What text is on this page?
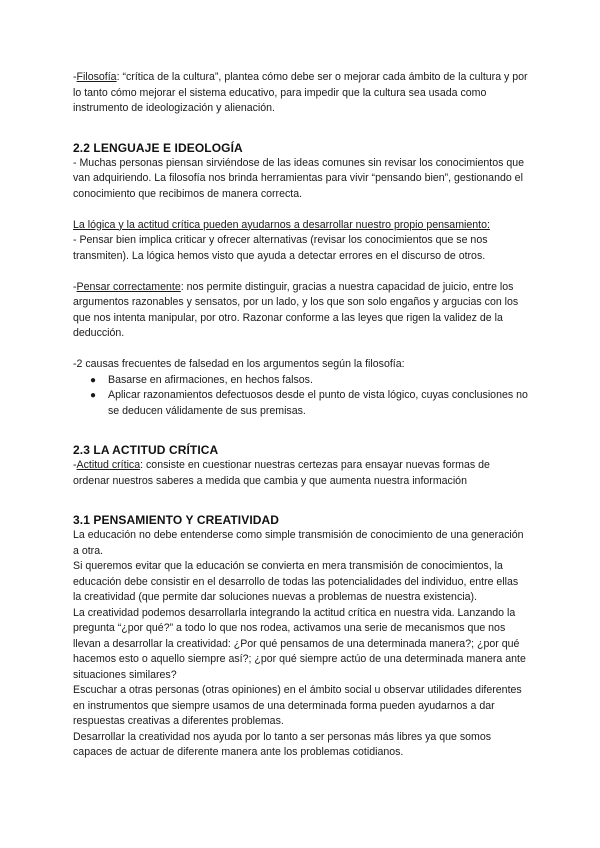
-Filosofía: “crítica de la cultura”, plantea cómo debe ser o mejorar cada ámbito de la cultura y por lo tanto cómo mejorar el sistema educativo, para impedir que la cultura sea usada como instrumento de ideologización y alienación.

2.2 LENGUAJE E IDEOLOGÍA

- Muchas personas piensan sirviéndose de las ideas comunes sin revisar los conocimientos que van adquiriendo. La filosofía nos brinda herramientas para vivir “pensando bien”, gestionando el conocimiento que recibimos de manera correcta.

La lógica y la actitud crítica pueden ayudarnos a desarrollar nuestro propio pensamiento:

- Pensar bien implica criticar y ofrecer alternativas (revisar los conocimientos que se nos transmiten). La lógica hemos visto que ayuda a detectar errores en el discurso de otros.

-Pensar correctamente: nos permite distinguir, gracias a nuestra capacidad de juicio, entre los argumentos razonables y sensatos, por un lado, y los que son solo engaños y argucias con los que nos intenta manipular, por otro. Razonar conforme a las leyes que rigen la validez de la deducción.

-2 causas frecuentes de falsedad en los argumentos según la filosofía:

● Basarse en afirmaciones, en hechos falsos.
● Aplicar razonamientos defectuosos desde el punto de vista lógico, cuyas conclusiones no se deducen válidamente de sus premisas.
2.3 LA ACTITUD CRÍTICA

-Actitud crítica: consiste en cuestionar nuestras certezas para ensayar nuevas formas de ordenar nuestros saberes a medida que cambia y que aumenta nuestra información

3.1 PENSAMIENTO Y CREATIVIDAD

La educación no debe entenderse como simple transmisión de conocimiento de una generación a otra.

Si queremos evitar que la educación se convierta en mera transmisión de conocimientos, la educación debe consistir en el desarrollo de todas las potencialidades del individuo, entre ellas la creatividad (que permite dar soluciones nuevas a problemas de nuestra existencia).

La creatividad podemos desarrollarla integrando la actitud crítica en nuestra vida. Lanzando la pregunta “¿por qué?” a todo lo que nos rodea, activamos una serie de mecanismos que nos llevan a desarrollar la creatividad: ¿Por qué pensamos de una determinada manera?; ¿por qué hacemos esto o aquello siempre así?; ¿por qué siempre actúo de una determinada manera ante situaciones similares?

Escuchar a otras personas (otras opiniones) en el ámbito social u observar utilidades diferentes en instrumentos que siempre usamos de una determinada forma pueden ayudarnos a dar respuestas creativas a diferentes problemas.

Desarrollar la creatividad nos ayuda por lo tanto a ser personas más libres ya que somos capaces de actuar de diferente manera ante los problemas cotidianos.
